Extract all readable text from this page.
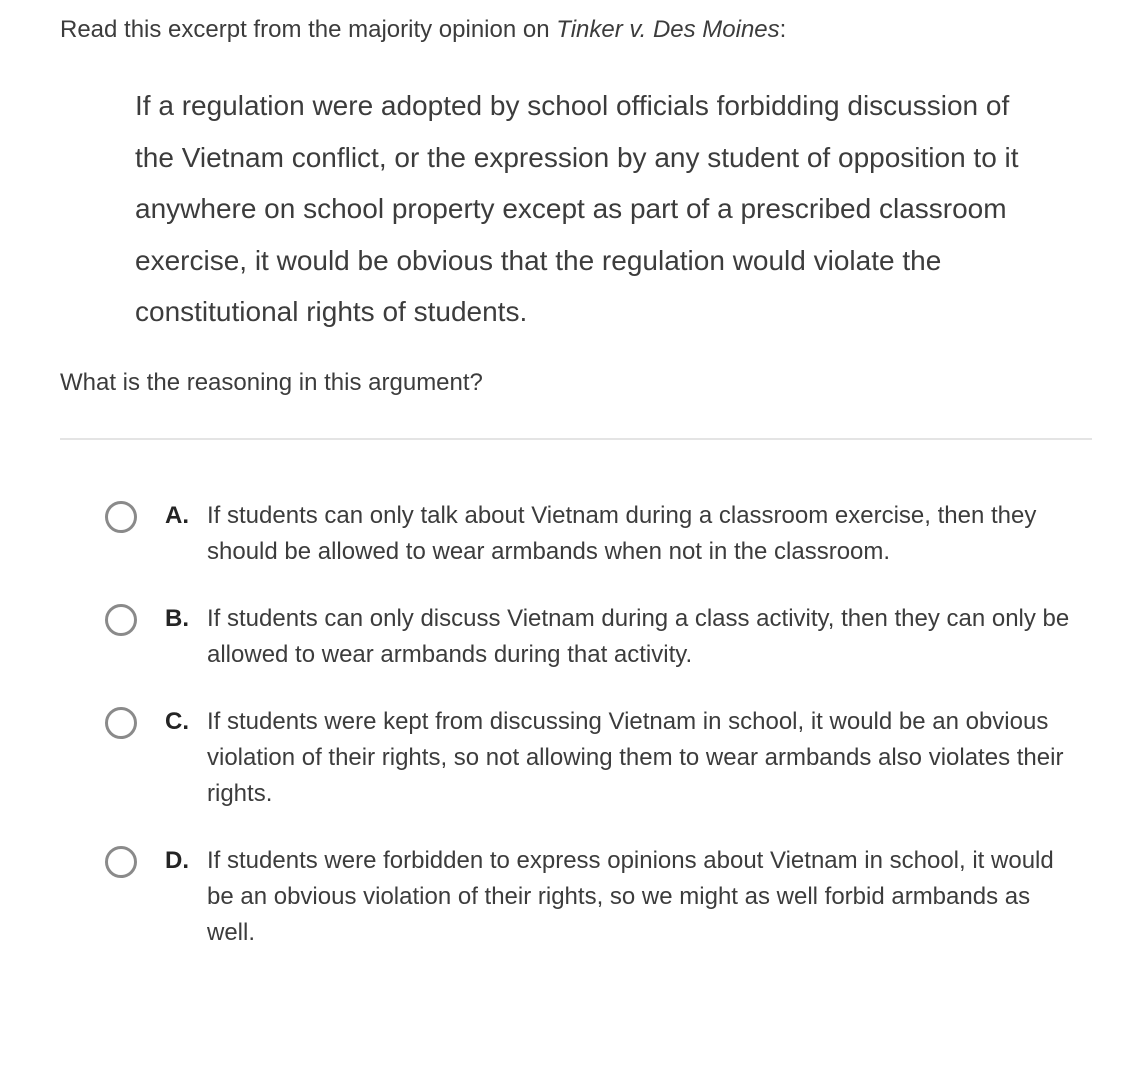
Read this excerpt from the majority opinion on Tinker v. Des Moines:

If a regulation were adopted by school officials forbidding discussion of the Vietnam conflict, or the expression by any student of opposition to it anywhere on school property except as part of a prescribed classroom exercise, it would be obvious that the regulation would violate the constitutional rights of students.

What is the reasoning in this argument?

A. If students can only talk about Vietnam during a classroom exercise, then they should be allowed to wear armbands when not in the classroom.
B. If students can only discuss Vietnam during a class activity, then they can only be allowed to wear armbands during that activity.
C. If students were kept from discussing Vietnam in school, it would be an obvious violation of their rights, so not allowing them to wear armbands also violates their rights.
D. If students were forbidden to express opinions about Vietnam in school, it would be an obvious violation of their rights, so we might as well forbid armbands as well.
